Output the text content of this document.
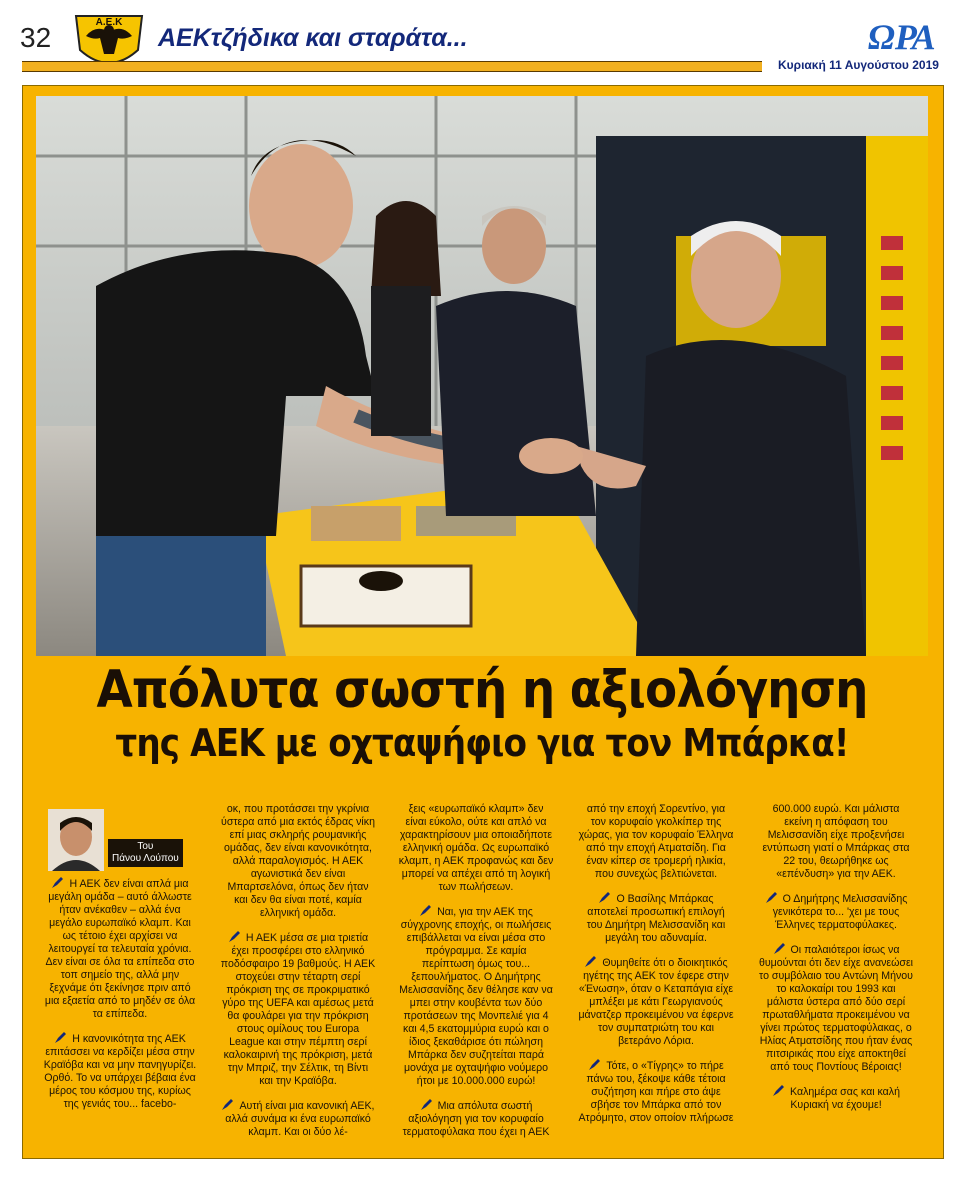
32	Α.Ε.Κ
ΑΕΚτζήδικα και σταράτα...	ΩΡΑ
Κυριακή 11 Αυγούστου 2019
Απόλυτα σωστή η αξιολόγηση
της ΑΕΚ με οχταψήφιο για τον Μπάρκα!
Του
Πάνου Λούπου

Η ΑΕΚ δεν είναι απλά μια μεγάλη ομάδα – αυτό άλλωστε ήταν ανέκαθεν – αλλά ένα μεγάλο ευρωπαϊκό κλαμπ. Και ως τέτοιο έχει αρχίσει να λειτουργεί τα τελευταία χρόνια. Δεν είναι σε όλα τα επίπεδα στο τοπ σημείο της, αλλά μην ξεχνάμε ότι ξεκίνησε πριν από μια εξαετία από το μηδέν σε όλα τα επίπεδα.

Η κανονικότητα της ΑΕΚ επιτάσσει να κερδίζει μέσα στην Κραϊόβα και να μην πανηγυρίζει. Ορθό. Το να υπάρχει βέβαια ένα μέρος του κόσμου της, κυρίως της γενιάς του... facebo-

οκ, που προτάσσει την γκρίνια ύστερα από μια εκτός έδρας νίκη επί μιας σκληρής ρουμανικής ομάδας, δεν είναι κανονικότητα, αλλά παραλογισμός. Η ΑΕΚ αγωνιστικά δεν είναι Μπαρτσελόνα, όπως δεν ήταν και δεν θα είναι ποτέ, καμία ελληνική ομάδα.

Η ΑΕΚ μέσα σε μια τριετία έχει προσφέρει στο ελληνικό ποδόσφαιρο 19 βαθμούς. Η ΑΕΚ στοχεύει στην τέταρτη σερί πρόκριση της σε προκριματικό γύρο της UEFA και αμέσως μετά θα φουλάρει για την πρόκριση στους ομίλους του Europa League και στην πέμπτη σερί καλοκαιρινή της πρόκριση, μετά την Μπριζ, την Σέλτικ, τη Βίντι και την Κραϊόβα.

Αυτή είναι μια κανονική ΑΕΚ, αλλά συνάμα κι ένα ευρωπαϊκό κλαμπ. Και οι δύο λέ-

ξεις «ευρωπαϊκό κλαμπ» δεν είναι εύκολο, ούτε και απλό να χαρακτηρίσουν μια οποιαδήποτε ελληνική ομάδα. Ως ευρωπαϊκό κλαμπ, η ΑΕΚ προφανώς και δεν μπορεί να απέχει από τη λογική των πωλήσεων.

Ναι, για την ΑΕΚ της σύγχρονης εποχής, οι πωλήσεις επιβάλλεται να είναι μέσα στο πρόγραμμα. Σε καμία περίπτωση όμως του... ξεπουλήματος. Ο Δημήτρης Μελισσανίδης δεν θέλησε καν να μπει στην κουβέντα των δύο προτάσεων της Μονπελιέ για 4 και 4,5 εκατομμύρια ευρώ και ο ίδιος ξεκαθάρισε ότι πώληση Μπάρκα δεν συζητείται παρά μονάχα με οχταψήφιο νούμερο ήτοι με 10.000.000 ευρώ!

Μια απόλυτα σωστή αξιολόγηση για τον κορυφαίο τερματοφύλακα που έχει η ΑΕΚ

από την εποχή Σορεντίνο, για τον κορυφαίο γκολκίπερ της χώρας, για τον κορυφαίο Έλληνα από την εποχή Ατματσίδη. Για έναν κίπερ σε τρομερή ηλικία, που συνεχώς βελτιώνεται.

Ο Βασίλης Μπάρκας αποτελεί προσωπική επιλογή του Δημήτρη Μελισσανίδη και μεγάλη του αδυναμία.

Θυμηθείτε ότι ο διοικητικός ηγέτης της ΑΕΚ τον έφερε στην «Ένωση», όταν ο Κεταπάγια είχε μπλέξει με κάτι Γεωργιανούς μάνατζερ προκειμένου να έφερνε τον συμπατριώτη του και βετεράνο Λόρια.

Τότε, ο «Τίγρης» το πήρε πάνω του, ξέκοψε κάθε τέτοια συζήτηση και πήρε στο άψε σβήσε τον Μπάρκα από τον Ατρόμητο, στον οποίον πλήρωσε

600.000 ευρώ. Και μάλιστα εκείνη η απόφαση του Μελισσανίδη είχε προξενήσει εντύπωση γιατί ο Μπάρκας στα 22 του, θεωρήθηκε ως «επένδυση» για την ΑΕΚ.

Ο Δημήτρης Μελισσανίδης γενικότερα το... 'χει με τους Έλληνες τερματοφύλακες.

Οι παλαιότεροι ίσως να θυμούνται ότι δεν είχε ανανεώσει το συμβόλαιο του Αντώνη Μήνου το καλοκαίρι του 1993 και μάλιστα ύστερα από δύο σερί πρωταθλήματα προκειμένου να γίνει πρώτος τερματοφύλακας, ο Ηλίας Ατματσίδης που ήταν ένας πιτσιρικάς που είχε αποκτηθεί από τους Ποντίους Βέροιας!

Καλημέρα σας και καλή Κυριακή να έχουμε!
